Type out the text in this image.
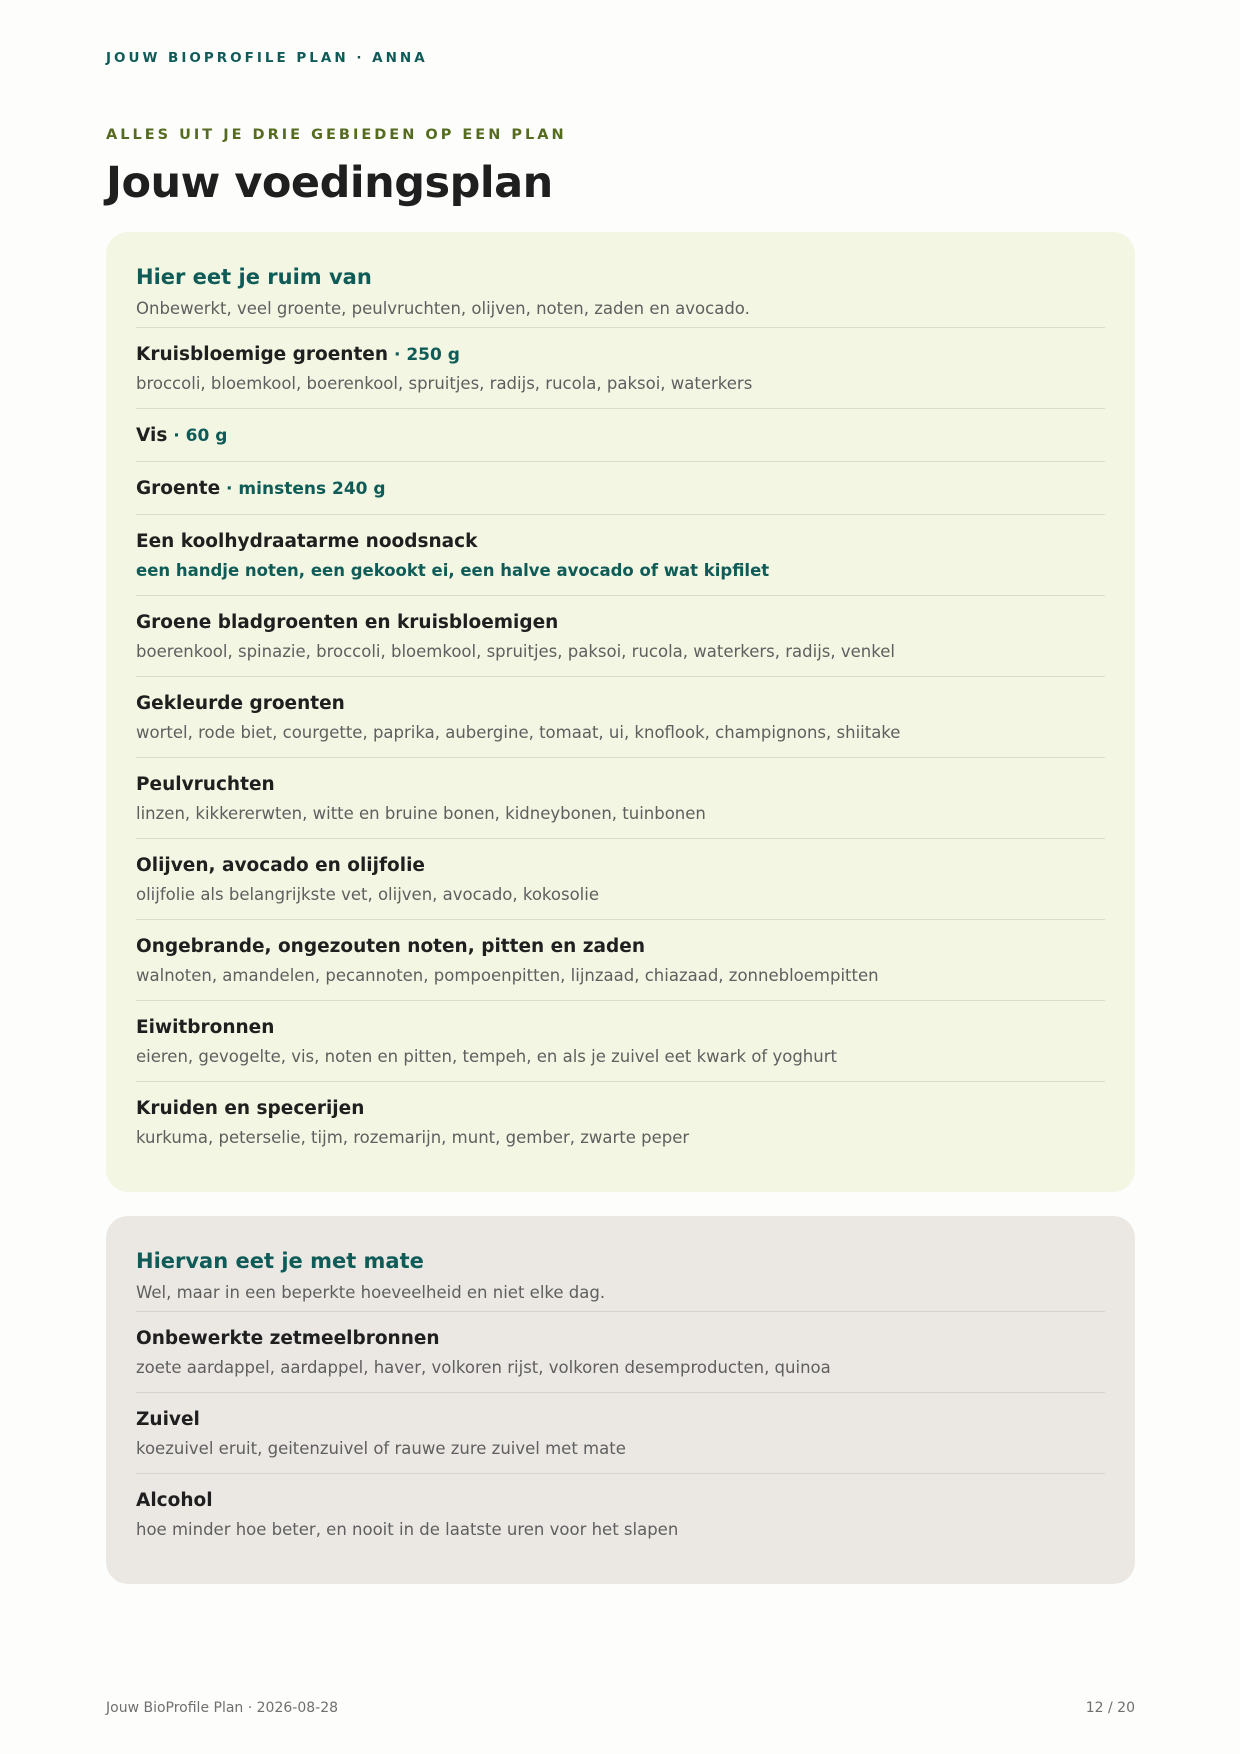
JOUW BIOPROFILE PLAN · ANNA
ALLES UIT JE DRIE GEBIEDEN OP EEN PLAN
Jouw voedingsplan
Hier eet je ruim van
Onbewerkt, veel groente, peulvruchten, olijven, noten, zaden en avocado.
Kruisbloemige groenten · 250 g
broccoli, bloemkool, boerenkool, spruitjes, radijs, rucola, paksoi, waterkers
Vis · 60 g
Groente · minstens 240 g
Een koolhydraatarme noodsnack
een handje noten, een gekookt ei, een halve avocado of wat kipfilet
Groene bladgroenten en kruisbloemigen
boerenkool, spinazie, broccoli, bloemkool, spruitjes, paksoi, rucola, waterkers, radijs, venkel
Gekleurde groenten
wortel, rode biet, courgette, paprika, aubergine, tomaat, ui, knoflook, champignons, shiitake
Peulvruchten
linzen, kikkererwten, witte en bruine bonen, kidneybonen, tuinbonen
Olijven, avocado en olijfolie
olijfolie als belangrijkste vet, olijven, avocado, kokosolie
Ongebrande, ongezouten noten, pitten en zaden
walnoten, amandelen, pecannoten, pompoenpitten, lijnzaad, chiazaad, zonnebloempitten
Eiwitbronnen
eieren, gevogelte, vis, noten en pitten, tempeh, en als je zuivel eet kwark of yoghurt
Kruiden en specerijen
kurkuma, peterselie, tijm, rozemarijn, munt, gember, zwarte peper
Hiervan eet je met mate
Wel, maar in een beperkte hoeveelheid en niet elke dag.
Onbewerkte zetmeelbronnen
zoete aardappel, aardappel, haver, volkoren rijst, volkoren desemproducten, quinoa
Zuivel
koezuivel eruit, geitenzuivel of rauwe zure zuivel met mate
Alcohol
hoe minder hoe beter, en nooit in de laatste uren voor het slapen
Jouw BioProfile Plan · 2026-08-28	12 / 20
